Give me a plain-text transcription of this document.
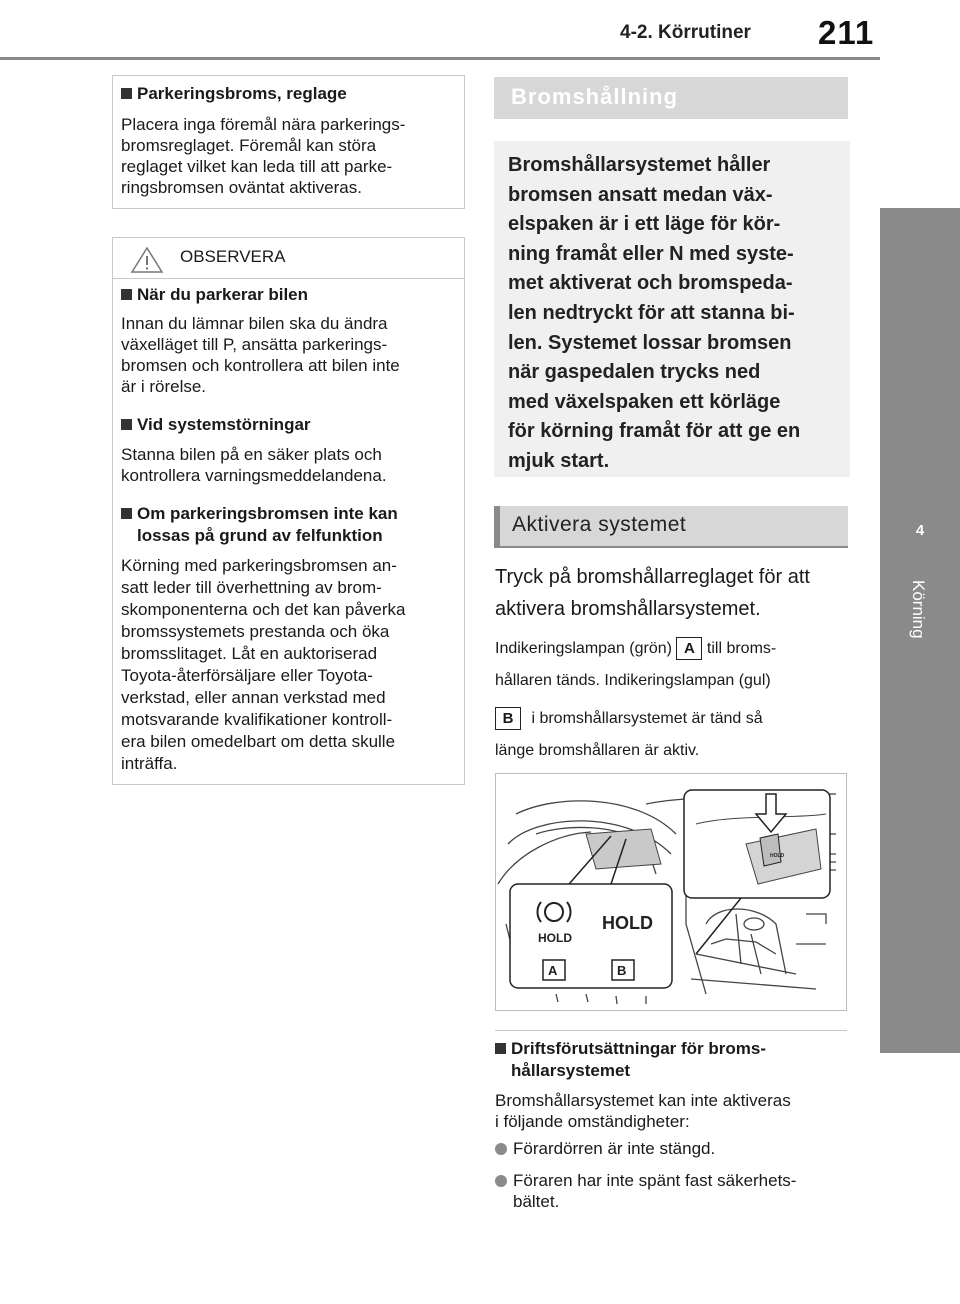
4-2. Körrutiner 211
4
Körning
Parkeringsbroms, reglage
Placera inga föremål nära parkerings-
bromsreglaget. Föremål kan störa
reglaget vilket kan leda till att parke-
ringsbromsen oväntat aktiveras.
OBSERVERA
När du parkerar bilen
Innan du lämnar bilen ska du ändra
växelläget till P, ansätta parkerings-
bromsen och kontrollera att bilen inte
är i rörelse.
Vid systemstörningar
Stanna bilen på en säker plats och
kontrollera varningsmeddelandena.
Om parkeringsbromsen inte kan
lossas på grund av felfunktion
Körning med parkeringsbromsen an-
satt leder till överhettning av brom-
skomponenterna och det kan påverka
bromssystemets prestanda och öka
bromsslitaget. Låt en auktoriserad
Toyota-återförsäljare eller Toyota-
verkstad, eller annan verkstad med
motsvarande kvalifikationer kontroll-
era bilen omedelbart om detta skulle
inträffa.
Bromshållning
Bromshållarsystemet håller
bromsen ansatt medan väx-
elspaken är i ett läge för kör-
ning framåt eller N med syste-
met aktiverat och bromspeda-
len nedtryckt för att stanna bi-
len. Systemet lossar bromsen
när gaspedalen trycks ned
med växelspaken ett körläge
för körning framåt för att ge en
mjuk start.
Aktivera systemet
Tryck på bromshållarreglaget för att
aktivera bromshållarsystemet.
Indikeringslampan (grön) A till broms-
hållaren tänds. Indikeringslampan (gul)
B i bromshållarsystemet är tänd så
länge bromshållaren är aktiv.
HOLD
HOLD
HOLD
A	B
Driftsförutsättningar för broms-
hållarsystemet
Bromshållarsystemet kan inte aktiveras
i följande omständigheter:
Förardörren är inte stängd.
Föraren har inte spänt fast säkerhets-
bältet.
